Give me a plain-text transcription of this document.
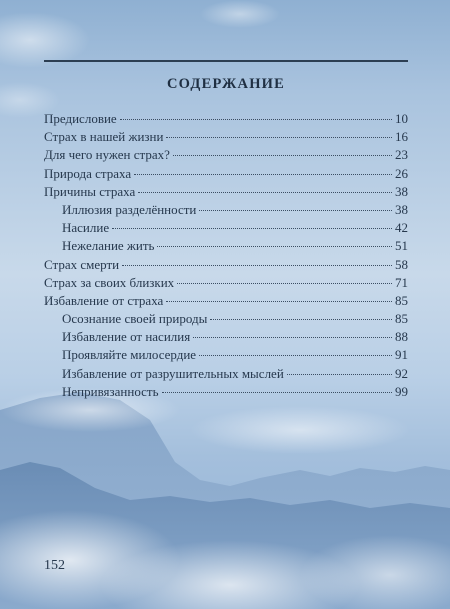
СОДЕРЖАНИЕ
Предисловие	10
Страх в нашей жизни	16
Для чего нужен страх?	23
Природа страха	26
Причины страха	38
Иллюзия разделённости	38
Насилие	42
Нежелание жить	51
Страх смерти	58
Страх за своих близких	71
Избавление от страха	85
Осознание своей природы	85
Избавление от насилия	88
Проявляйте милосердие	91
Избавление от разрушительных мыслей	92
Непривязанность	99
152
